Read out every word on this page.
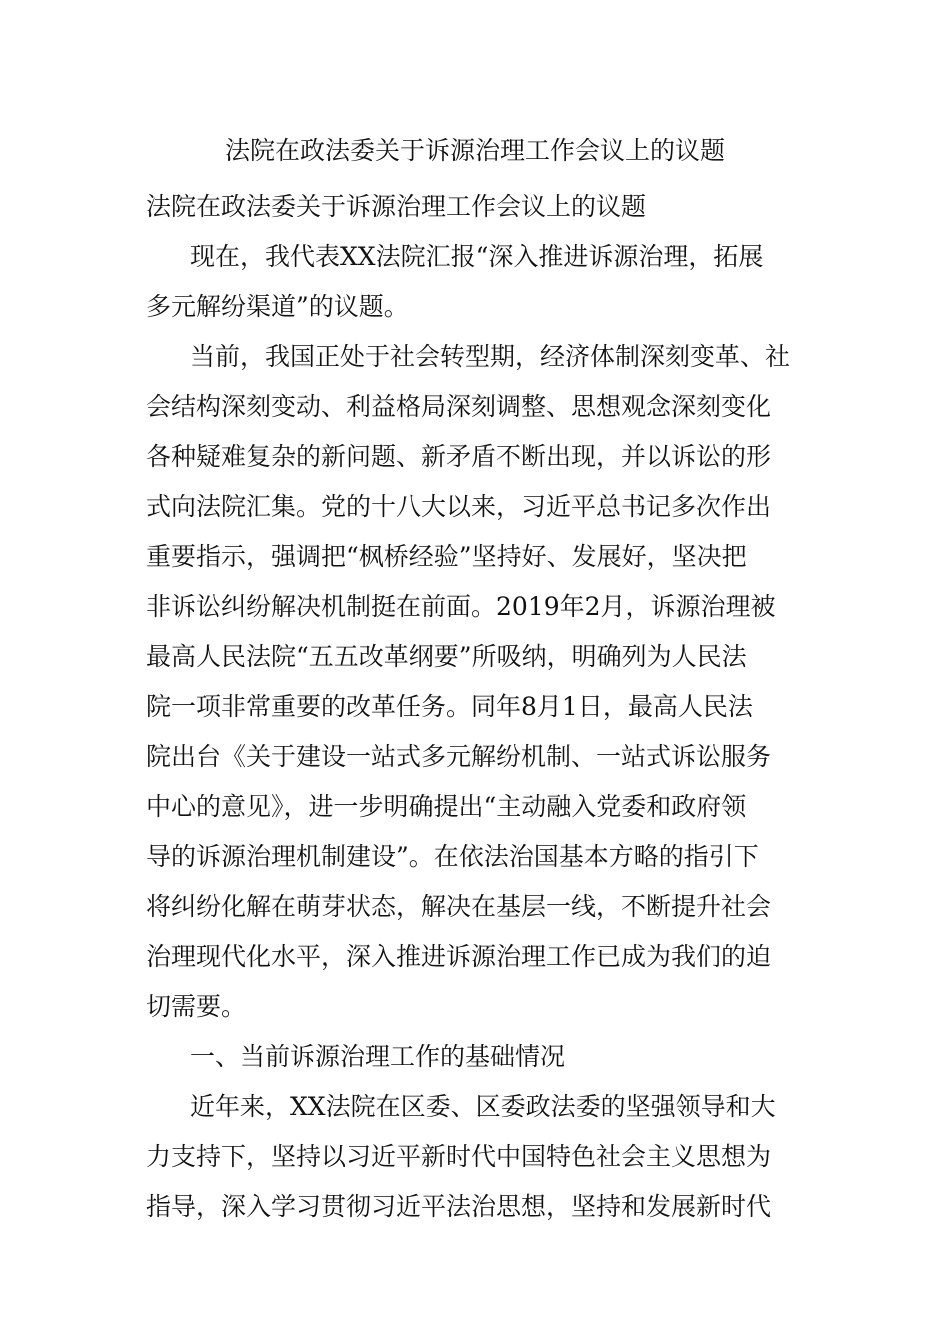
法院在政法委关于诉源治理工作会议上的议题
法院在政法委关于诉源治理工作会议上的议题
现在，我代表XX法院汇报“深入推进诉源治理，拓展
多元解纷渠道”的议题。
当前，我国正处于社会转型期，经济体制深刻变革、社
会结构深刻变动、利益格局深刻调整、思想观念深刻变化
各种疑难复杂的新问题、新矛盾不断出现，并以诉讼的形
式向法院汇集。党的十八大以来，习近平总书记多次作出
重要指示，强调把“枫桥经验”坚持好、发展好，坚决把
非诉讼纠纷解决机制挺在前面。2019年2月，诉源治理被
最高人民法院“五五改革纲要”所吸纳，明确列为人民法
院一项非常重要的改革任务。同年8月1日，最高人民法
院出台《关于建设一站式多元解纷机制、一站式诉讼服务
中心的意见》，进一步明确提出“主动融入党委和政府领
导的诉源治理机制建设”。在依法治国基本方略的指引下
将纠纷化解在萌芽状态，解决在基层一线，不断提升社会
治理现代化水平，深入推进诉源治理工作已成为我们的迫
切需要。
一、当前诉源治理工作的基础情况
近年来，XX法院在区委、区委政法委的坚强领导和大
力支持下，坚持以习近平新时代中国特色社会主义思想为
指导，深入学习贯彻习近平法治思想，坚持和发展新时代
